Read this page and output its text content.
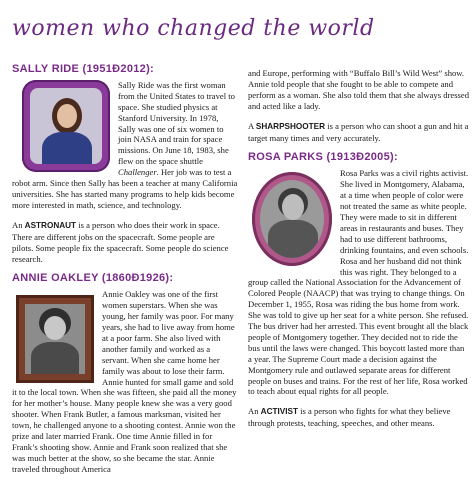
women who changed the world
SALLY RIDE (1951Ð2012):

Sally Ride was the first woman from the United States to travel to space. She studied physics at Stanford University. In 1978, Sally was one of six women to join NASA and train for space missions. On June 18, 1983, she flew on the space shuttle Challenger. Her job was to test a robot arm. Since then Sally has been a teacher at many California universities. She has started many programs to help kids become more interested in math, science, and technology.

An ASTRONAUT is a person who does their work in space. There are different jobs on the spacecraft. Some people are pilots. Some people fix the spacecraft. Some people do science research.

ANNIE OAKLEY (1860Ð1926):

Annie Oakley was one of the first women superstars. When she was young, her family was poor. For many years, she had to live away from home at a poor farm. She also lived with another family and worked as a servant. When she came home her family was about to lose their farm. Annie hunted for small game and sold it to the local town. When she was fifteen, she paid all the money for her mother’s house. Many people knew she was a very good shooter. When Frank Butler, a famous marksman, visited her town, he challenged anyone to a shooting contest. Annie won the prize and later married Frank. One time Annie filled in for Frank’s shooting show. Annie and Frank soon realized that she was much better at the show, so she became the star. Annie traveled throughout America

and Europe, performing with “Buffalo Bill’s Wild West” show. Annie told people that she fought to be able to compete and perform as a woman. She also told them that she always dressed and acted like a lady.

A SHARPSHOOTER is a person who can shoot a gun and hit a target many times and very accurately.

ROSA PARKS (1913Ð2005):

Rosa Parks was a civil rights activist. She lived in Montgomery, Alabama, at a time when people of color were not treated the same as white people. They were made to sit in different areas in restaurants and buses. They had to use different bathrooms, drinking fountains, and even schools. Rosa and her husband did not think this was right. They belonged to a group called the National Association for the Advancement of Colored People (NAACP) that was trying to change things. On December 1, 1955, Rosa was riding the bus home from work. She was told to give up her seat for a white person. She refused. The bus driver had her arrested. This event brought all the black people of Montgomery together. They decided not to ride the bus until the laws were changed. This boycott lasted more than a year. The Supreme Court made a decision against the Montgomery rule and outlawed separate areas for different people on buses and trains. For the rest of her life, Rosa worked to teach about equal rights for all people.

An ACTIVIST is a person who fights for what they believe through protests, teaching, speeches, and other means.
